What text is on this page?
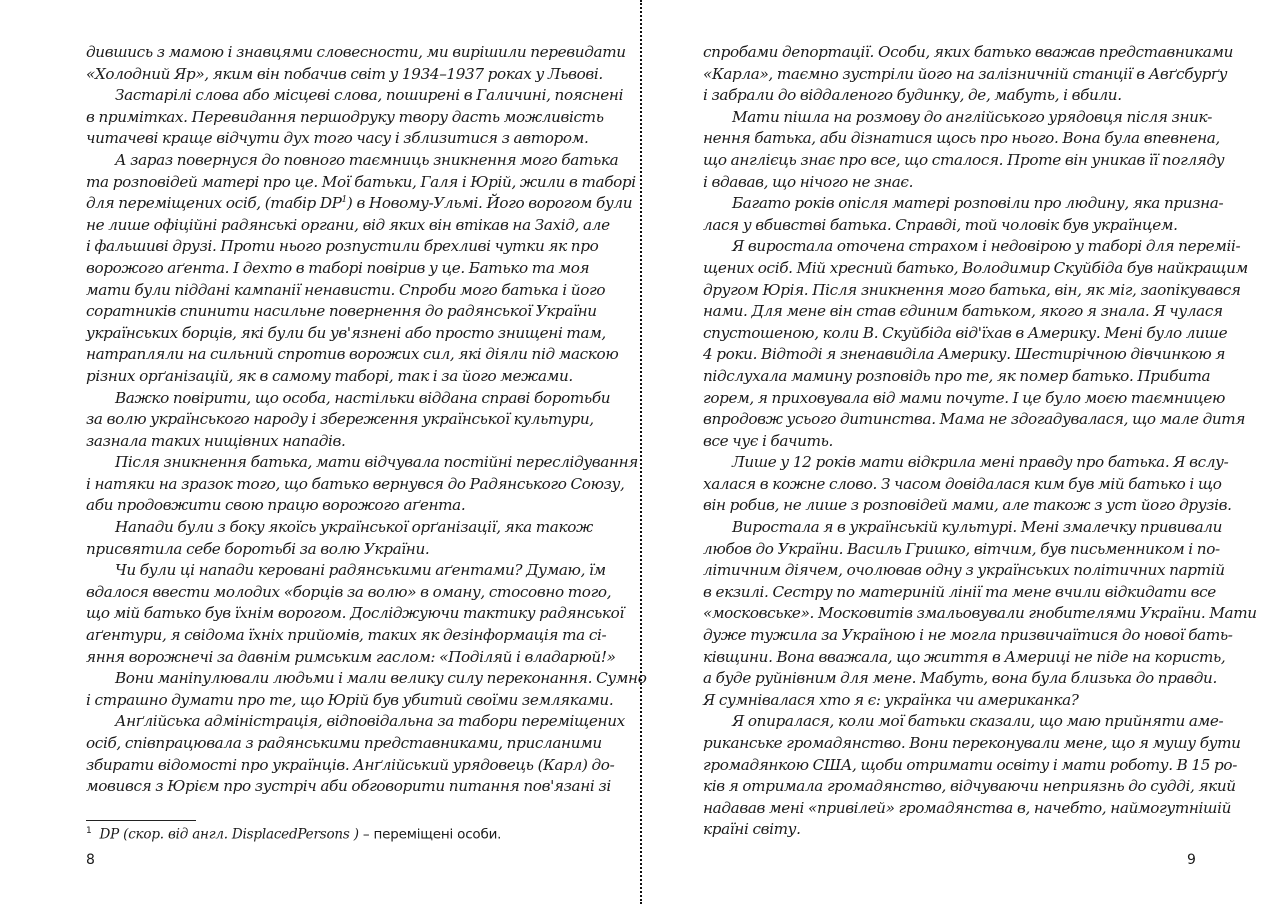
дившись з мамою і знавцями словесности, ми вирішили перевидати
«Холодний Яр», яким він побачив світ у 1934–1937 роках у Львові.
Застарілі слова або місцеві слова, поширені в Галичині, пояснені
в примітках. Перевидання першодруку твору дасть можливість
читачеві краще відчути дух того часу і зблизитися з автором.
А зараз повернуся до повного таємниць зникнення мого батька
та розповідей матері про це. Мої батьки, Галя і Юрій, жили в таборі
для переміщених осіб, (табір $DP^1$) в Новому-Ульмі. Його ворогом були
не лише офіційні радянські органи, від яких він втікав на Захід, але
і фальшиві друзі. Проти нього розпустили брехливі чутки як про
ворожого аґента. І дехто в таборі повірив у це. Батько та моя
мати були піддані кампанії ненависти. Спроби мого батька і його
соратників спинити насильне повернення до радянської України
українських борців, які були би ув'язнені або просто знищені там,
натрапляли на сильний спротив ворожих сил, які діяли під маскою
різних орґанізацій, як в самому таборі, так і за його межами.
Важко повірити, що особа, настільки віддана справі боротьби
за волю українського народу і збереження української культури,
зазнала таких нищівних нападів.
Після зникнення батька, мати відчувала постійні переслідування
і натяки на зразок того, що батько вернувся до Радянського Союзу,
аби продовжити свою працю ворожого аґента.
Напади були з боку якоїсь української орґанізації, яка також
присвятила себе боротьбі за волю України.
Чи були ці напади керовані радянськими аґентами? Думаю, їм
вдалося ввести молодих «борців за волю» в оману, стосовно того,
що мій батько був їхнім ворогом. Досліджуючи тактику радянської
аґентури, я свідома їхніх прийомів, таких як дезінформація та сі-
яння ворожнечі за давнім римським гаслом: «Поділяй і владарюй!»
Вони маніпулювали людьми і мали велику силу переконання. Сумно
і страшно думати про те, що Юрій був убитий своїми земляками.
Анґлійська адміністрація, відповідальна за табори переміщених
осіб, співпрацювала з радянськими представниками, присланими
збирати відомості про українців. Анґлійський урядовець (Карл) до-
мовився з Юрієм про зустріч аби обговорити питання пов'язані зі
спробами депортації. Особи, яких батько вважав представниками
«Карла», таємно зустріли його на залізничній станції в Авґсбурґу
і забрали до віддаленого будинку, де, мабуть, і вбили.
Мати пішла на розмову до англійського урядовця після зник-
нення батька, аби дізнатися щось про нього. Вона була впевнена,
що англієць знає про все, що сталося. Проте він уникав її погляду
і вдавав, що нічого не знає.
Багато років опісля матері розповіли про людину, яка призна-
лася у вбивстві батька. Справді, той чоловік був українцем.
Я виростала оточена страхом і недовірою у таборі для переміі-
щених осіб. Мій хресний батько, Володимир Скуйбіда був найкращим
другом Юрія. Після зникнення мого батька, він, як міг, заопікувався
нами. Для мене він став єдиним батьком, якого я знала. Я чулася
спустошеною, коли В. Скуйбіда від'їхав в Америку. Мені було лише
4 роки. Відтоді я зненавиділа Америку. Шестирічною дівчинкою я
підслухала мамину розповідь про те, як помер батько. Прибита
горем, я приховувала від мами почуте. І це було моєю таємницею
впродовж усього дитинства. Мама не здогадувалася, що мале дитя
все чує і бачить.
Лише у 12 років мати відкрила мені правду про батька. Я вслу-
халася в кожне слово. З часом довідалася ким був мій батько і що
він робив, не лише з розповідей мами, але також з уст його друзів.
Виростала я в українській культурі. Мені змалечку прививали
любов до України. Василь Гришко, вітчим, був письменником і по-
літичним діячем, очолював одну з українських політичних партій
в екзилі. Сестру по материній лінії та мене вчили відкидати все
«московське». Московитів змальовували гнобителями України. Мати
дуже тужила за Україною і не могла призвичаїтися до нової бать-
ківщини. Вона вважала, що життя в Америці не піде на користь,
а буде руйнівним для мене. Мабуть, вона була близька до правди.
Я сумнівалася хто я є: українка чи американка?
Я опиралася, коли мої батьки сказали, що маю прийняти аме-
риканське громадянство. Вони переконували мене, що я мушу бути
громадянкою США, щоби отримати освіту і мати роботу. В 15 ро-
ків я отримала громадянство, відчуваючи неприязнь до судді, який
надавав мені «привілей» громадянства в, начебто, наймогутнішій
країні світу.
$^1$ DP (скор. від англ. DisplacedPersons ) – переміщені особи.
8	9
